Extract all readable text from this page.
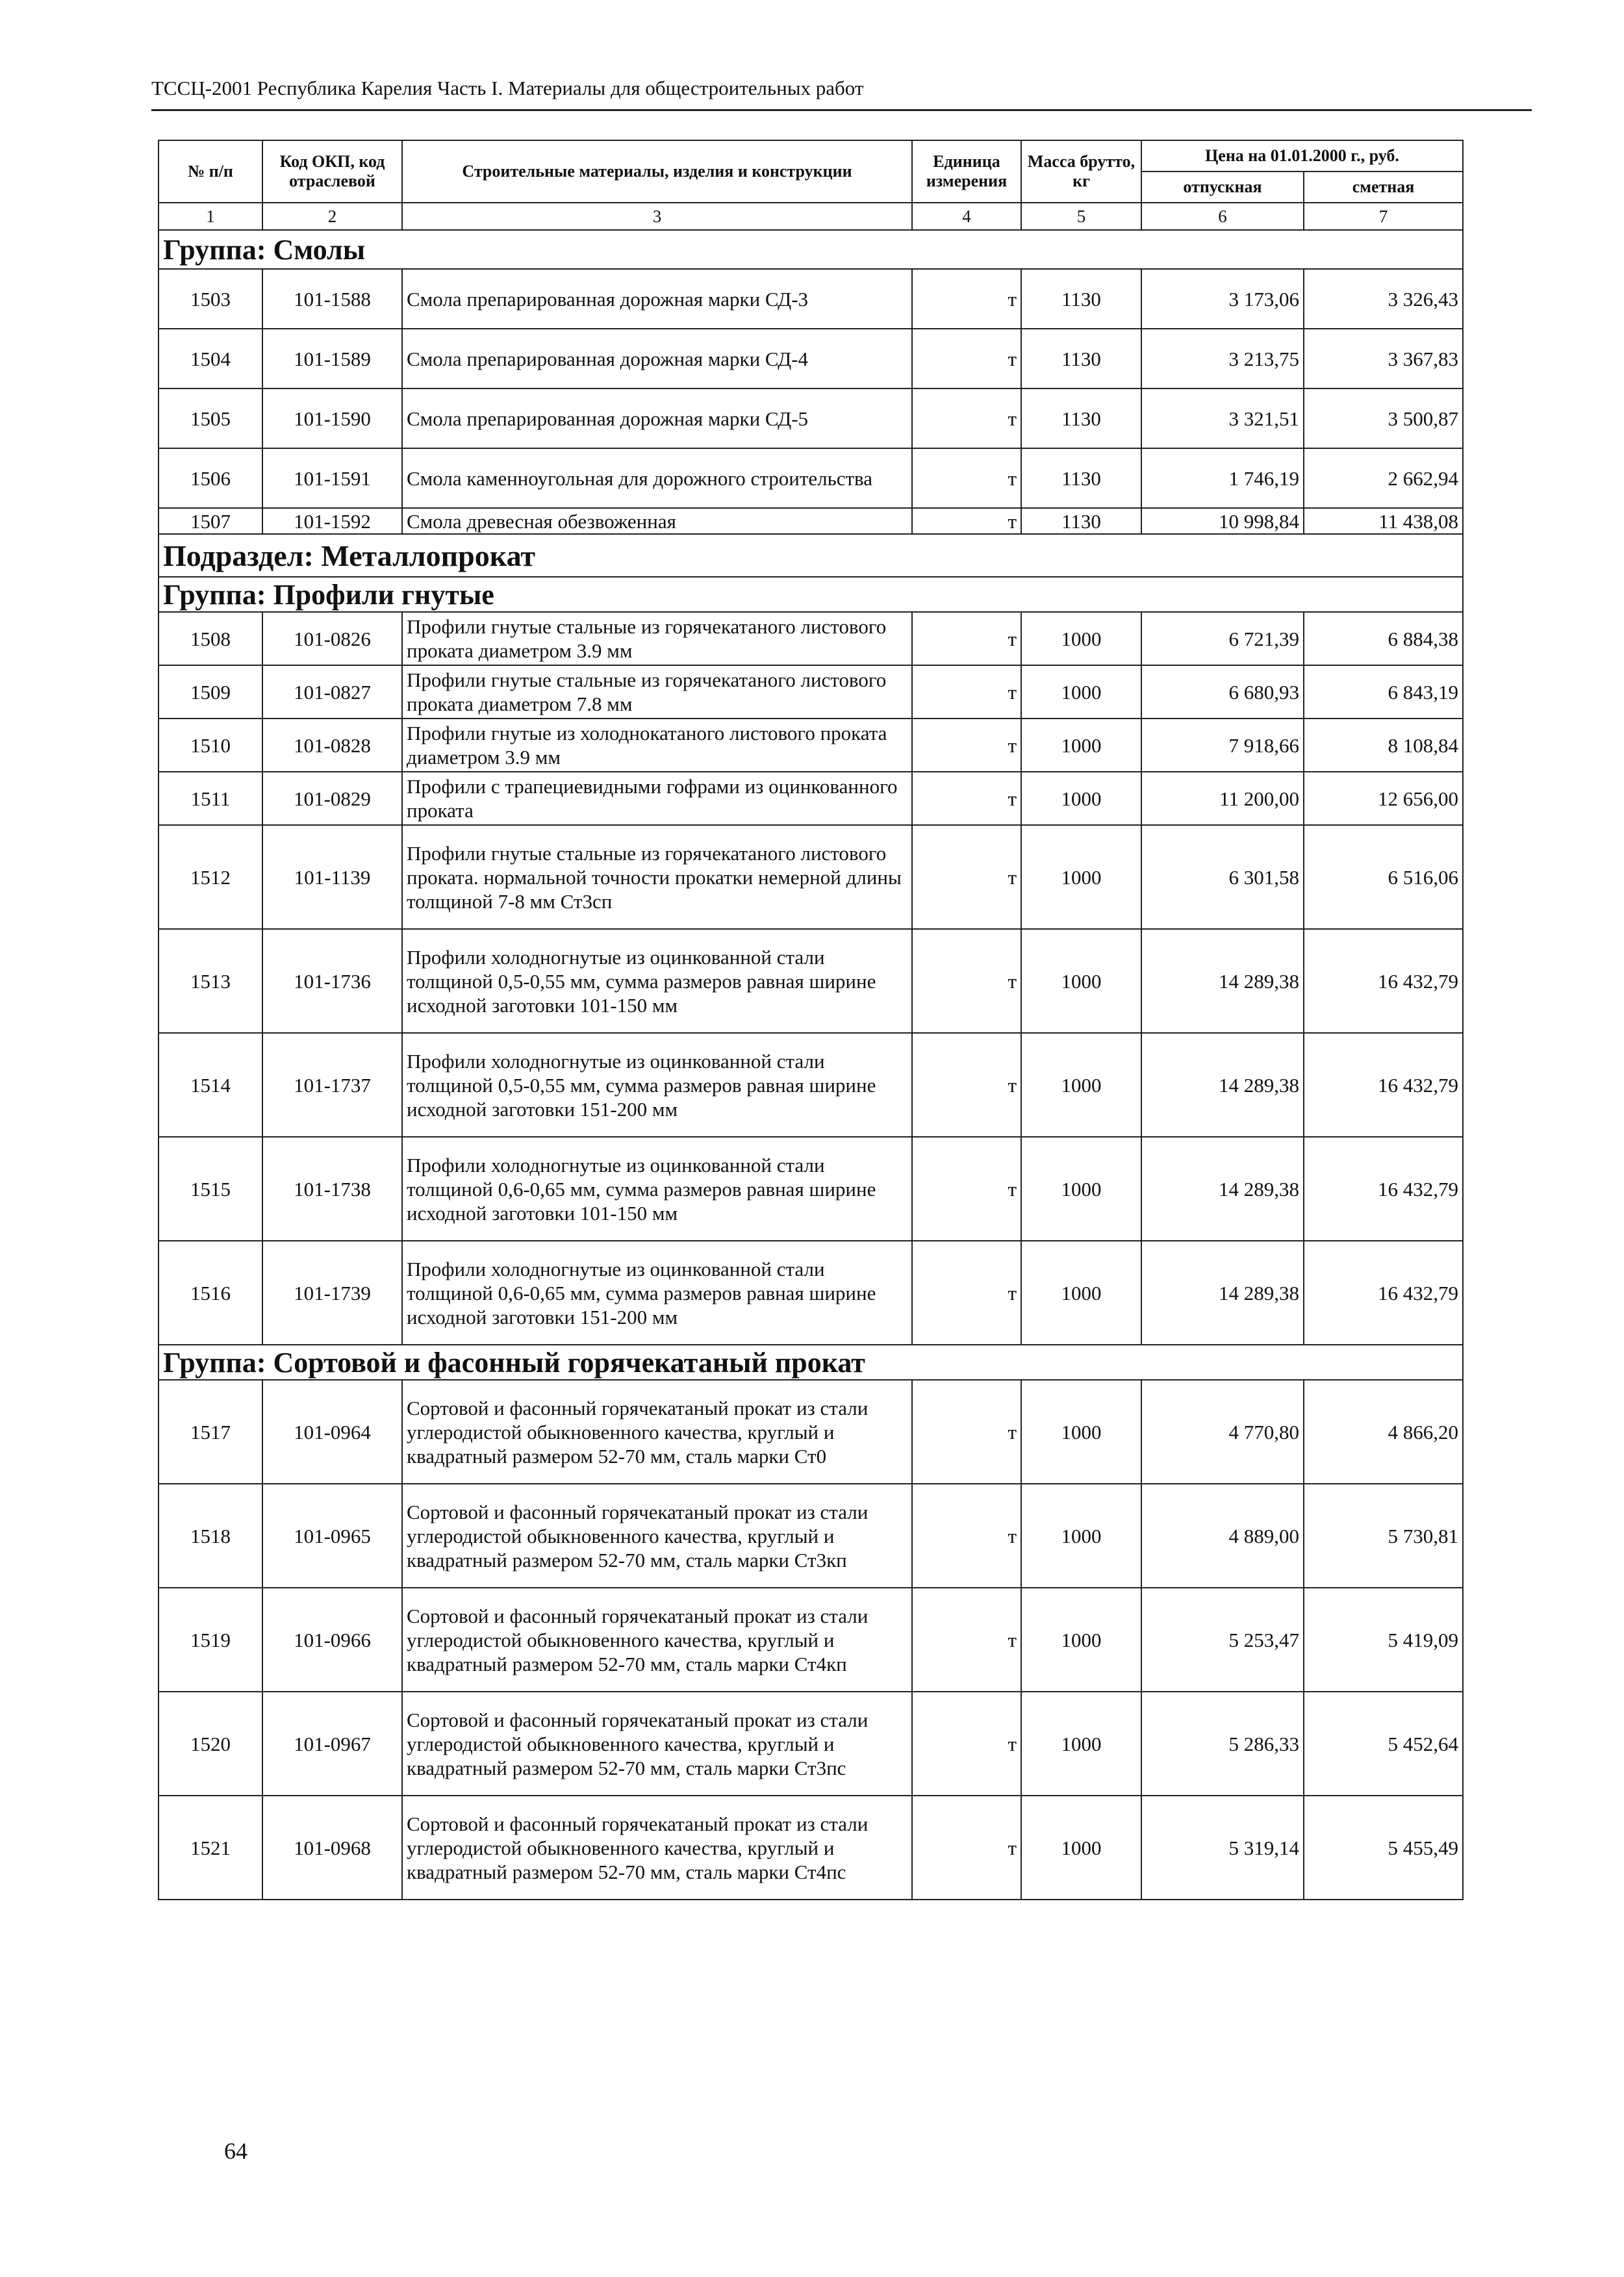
ТССЦ-2001 Республика Карелия Часть I. Материалы для общестроительных работ
№ п/п	Код ОКП, код отраслевой	Строительные материалы, изделия и конструкции	Единица измерения	Масса брутто, кг	Цена на 01.01.2000 г., руб.	
					отпускная	сметная
1	2	3	4	5	6	7
Группа: Смолы						
1503	101-1588	Смола препарированная дорожная марки СД-3	т	1130	3 173,06	3 326,43
1504	101-1589	Смола препарированная дорожная марки СД-4	т	1130	3 213,75	3 367,83
1505	101-1590	Смола препарированная дорожная марки СД-5	т	1130	3 321,51	3 500,87
1506	101-1591	Смола каменноугольная для дорожного строительства	т	1130	1 746,19	2 662,94
1507	101-1592	Смола древесная обезвоженная	т	1130	10 998,84	11 438,08
Подраздел: Металлопрокат						
Группа: Профили гнутые						
1508	101-0826	Профили гнутые стальные из горячекатаного листового проката диаметром 3.9 мм	т	1000	6 721,39	6 884,38
1509	101-0827	Профили гнутые стальные из горячекатаного листового проката диаметром 7.8 мм	т	1000	6 680,93	6 843,19
1510	101-0828	Профили гнутые из холоднокатаного листового проката диаметром 3.9 мм	т	1000	7 918,66	8 108,84
1511	101-0829	Профили с трапециевидными гофрами из оцинкованного проката	т	1000	11 200,00	12 656,00
1512	101-1139	Профили гнутые стальные из горячекатаного листового проката. нормальной точности прокатки немерной длины толщиной 7-8 мм Ст3сп	т	1000	6 301,58	6 516,06
1513	101-1736	Профили холодногнутые из оцинкованной стали толщиной 0,5-0,55 мм, сумма размеров равная ширине исходной заготовки 101-150 мм	т	1000	14 289,38	16 432,79
1514	101-1737	Профили холодногнутые из оцинкованной стали толщиной 0,5-0,55 мм, сумма размеров равная ширине исходной заготовки 151-200 мм	т	1000	14 289,38	16 432,79
1515	101-1738	Профили холодногнутые из оцинкованной стали толщиной 0,6-0,65 мм, сумма размеров равная ширине исходной заготовки 101-150 мм	т	1000	14 289,38	16 432,79
1516	101-1739	Профили холодногнутые из оцинкованной стали толщиной 0,6-0,65 мм, сумма размеров равная ширине исходной заготовки 151-200 мм	т	1000	14 289,38	16 432,79
Группа: Сортовой и фасонный горячекатаный прокат						
1517	101-0964	Сортовой и фасонный горячекатаный прокат из стали углеродистой обыкновенного качества, круглый и квадратный размером 52-70 мм, сталь марки Ст0	т	1000	4 770,80	4 866,20
1518	101-0965	Сортовой и фасонный горячекатаный прокат из стали углеродистой обыкновенного качества, круглый и квадратный размером 52-70 мм, сталь марки Ст3кп	т	1000	4 889,00	5 730,81
1519	101-0966	Сортовой и фасонный горячекатаный прокат из стали углеродистой обыкновенного качества, круглый и квадратный размером 52-70 мм, сталь марки Ст4кп	т	1000	5 253,47	5 419,09
1520	101-0967	Сортовой и фасонный горячекатаный прокат из стали углеродистой обыкновенного качества, круглый и квадратный размером 52-70 мм, сталь марки Ст3пс	т	1000	5 286,33	5 452,64
1521	101-0968	Сортовой и фасонный горячекатаный прокат из стали углеродистой обыкновенного качества, круглый и квадратный размером 52-70 мм, сталь марки Ст4пс	т	1000	5 319,14	5 455,49
64
